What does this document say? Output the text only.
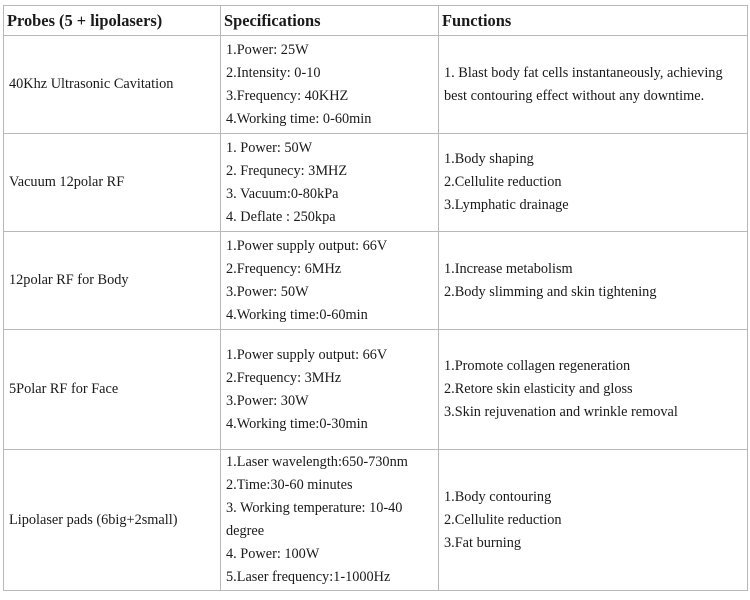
Probes (5 + lipolasers)	Specifications	Functions

40Khz Ultrasonic Cavitation	1.Power: 25W
2.Intensity: 0-10
3.Frequency: 40KHZ
4.Working time: 0-60min	1. Blast body fat cells instantaneously, achieving best contouring effect without any downtime.

Vacuum 12polar RF	1. Power: 50W
2. Frequnecy: 3MHZ
3. Vacuum:0-80kPa
4. Deflate : 250kpa	1.Body shaping
2.Cellulite reduction
3.Lymphatic drainage

12polar RF for Body	1.Power supply output: 66V
2.Frequency: 6MHz
3.Power: 50W
4.Working time:0-60min	1.Increase metabolism
2.Body slimming and skin tightening

5Polar RF for Face	1.Power supply output: 66V
2.Frequency: 3MHz
3.Power: 30W
4.Working time:0-30min	1.Promote collagen regeneration
2.Retore skin elasticity and gloss
3.Skin rejuvenation and wrinkle removal

Lipolaser pads (6big+2small)	1.Laser wavelength:650-730nm
2.Time:30-60 minutes
3. Working temperature: 10-40 degree
4. Power: 100W
5.Laser frequency:1-1000Hz	1.Body contouring
2.Cellulite reduction
3.Fat burning
